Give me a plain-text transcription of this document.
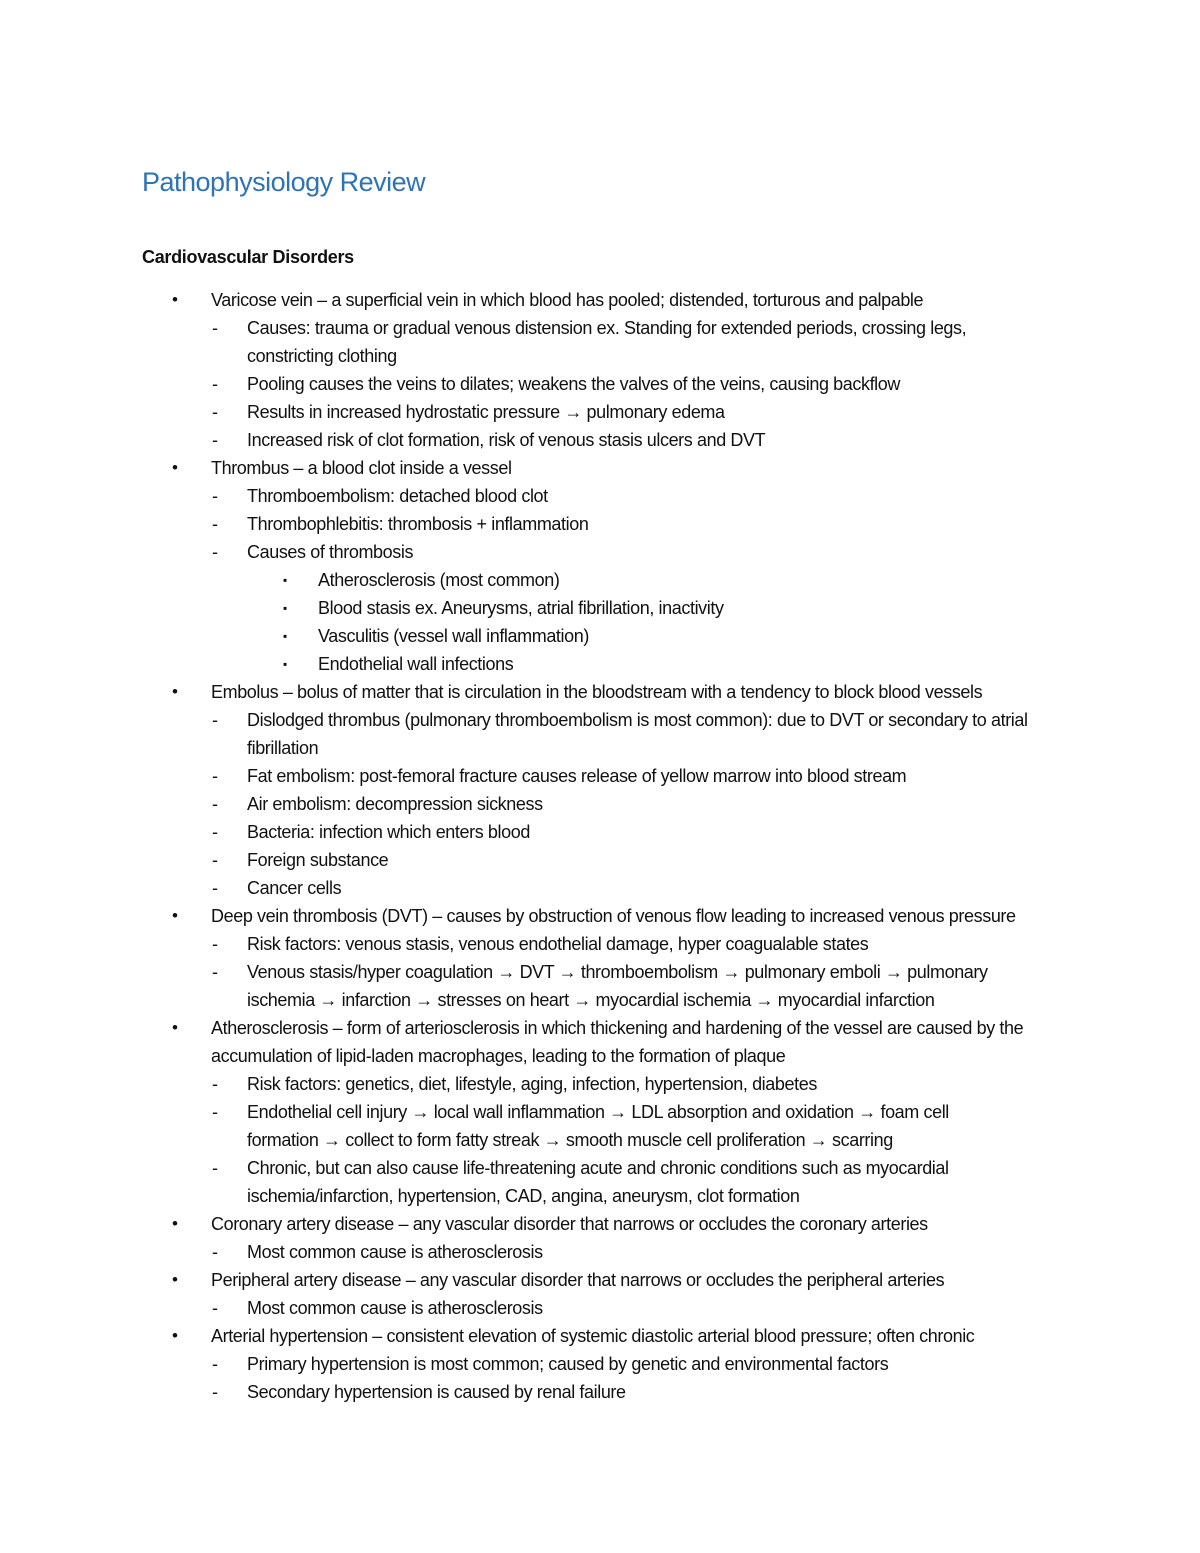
Pathophysiology Review
Cardiovascular Disorders
• Varicose vein – a superficial vein in which blood has pooled; distended, torturous and palpable
- Causes: trauma or gradual venous distension ex. Standing for extended periods, crossing legs,
constricting clothing
- Pooling causes the veins to dilates; weakens the valves of the veins, causing backflow
- Results in increased hydrostatic pressure → pulmonary edema
- Increased risk of clot formation, risk of venous stasis ulcers and DVT
• Thrombus – a blood clot inside a vessel
- Thromboembolism: detached blood clot
- Thrombophlebitis: thrombosis + inflammation
- Causes of thrombosis
▪ Atherosclerosis (most common)
▪ Blood stasis ex. Aneurysms, atrial fibrillation, inactivity
▪ Vasculitis (vessel wall inflammation)
▪ Endothelial wall infections
• Embolus – bolus of matter that is circulation in the bloodstream with a tendency to block blood vessels
- Dislodged thrombus (pulmonary thromboembolism is most common): due to DVT or secondary to atrial
fibrillation
- Fat embolism: post-femoral fracture causes release of yellow marrow into blood stream
- Air embolism: decompression sickness
- Bacteria: infection which enters blood
- Foreign substance
- Cancer cells
• Deep vein thrombosis (DVT) – causes by obstruction of venous flow leading to increased venous pressure
- Risk factors: venous stasis, venous endothelial damage, hyper coagualable states
- Venous stasis/hyper coagulation → DVT → thromboembolism → pulmonary emboli → pulmonary
ischemia → infarction → stresses on heart → myocardial ischemia → myocardial infarction
• Atherosclerosis – form of arteriosclerosis in which thickening and hardening of the vessel are caused by the
accumulation of lipid-laden macrophages, leading to the formation of plaque
- Risk factors: genetics, diet, lifestyle, aging, infection, hypertension, diabetes
- Endothelial cell injury → local wall inflammation → LDL absorption and oxidation → foam cell
formation → collect to form fatty streak → smooth muscle cell proliferation → scarring
- Chronic, but can also cause life-threatening acute and chronic conditions such as myocardial
ischemia/infarction, hypertension, CAD, angina, aneurysm, clot formation
• Coronary artery disease – any vascular disorder that narrows or occludes the coronary arteries
- Most common cause is atherosclerosis
• Peripheral artery disease – any vascular disorder that narrows or occludes the peripheral arteries
- Most common cause is atherosclerosis
• Arterial hypertension – consistent elevation of systemic diastolic arterial blood pressure; often chronic
- Primary hypertension is most common; caused by genetic and environmental factors
- Secondary hypertension is caused by renal failure
